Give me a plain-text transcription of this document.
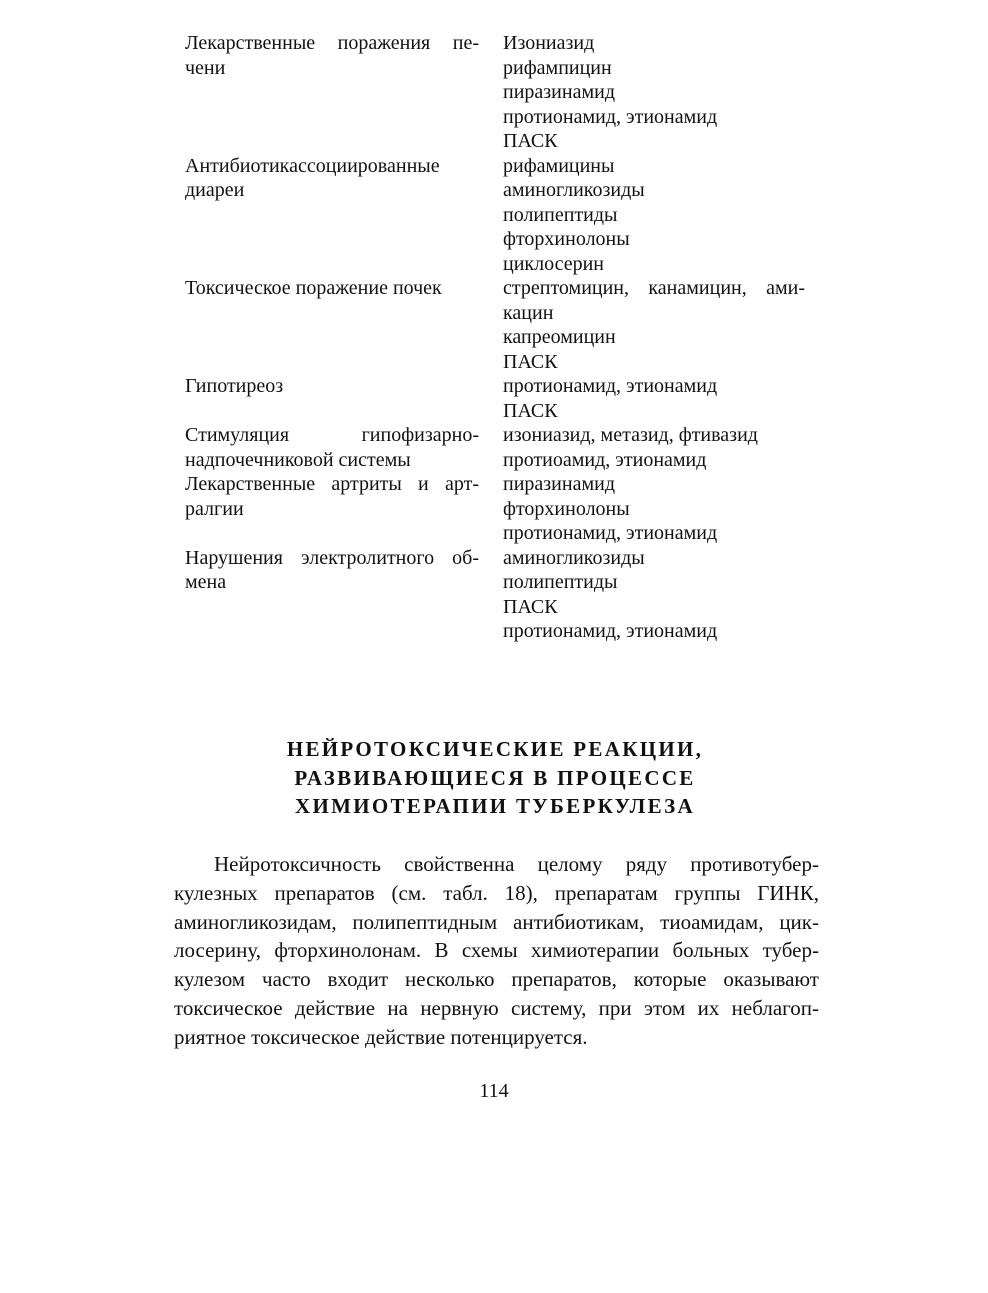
Лекарственные поражения пе-
чени
Изониазид
рифампицин
пиразинамид
протионамид, этионамид
ПАСК
Антибиотикассоциированные
диареи
рифамицины
аминогликозиды
полипептиды
фторхинолоны
циклосерин
Токсическое поражение почек	стрептомицин, канамицин, ами-
кацин
капреомицин
ПАСК
Гипотиреоз	протионамид, этионамид
ПАСК
Стимуляция гипофизарно-
надпочечниковой системы
изониазид, метазид, фтивазид
протиоамид, этионамид
Лекарственные артриты и арт-
ралгии
пиразинамид
фторхинолоны
протионамид, этионамид
Нарушения электролитного об-
мена
аминогликозиды
полипептиды
ПАСК
протионамид, этионамид
НЕЙРОТОКСИЧЕСКИЕ РЕАКЦИИ,
РАЗВИВАЮЩИЕСЯ В ПРОЦЕССЕ
ХИМИОТЕРАПИИ ТУБЕРКУЛЕЗА
Нейротоксичность свойственна целому ряду противотубер-
кулезных препаратов (см. табл. 18), препаратам группы ГИНК,
аминогликозидам, полипептидным антибиотикам, тиоамидам, цик-
лосерину, фторхинолонам. В схемы химиотерапии больных тубер-
кулезом часто входит несколько препаратов, которые оказывают
токсическое действие на нервную систему, при этом их неблагоп-
риятное токсическое действие потенцируется.
114
